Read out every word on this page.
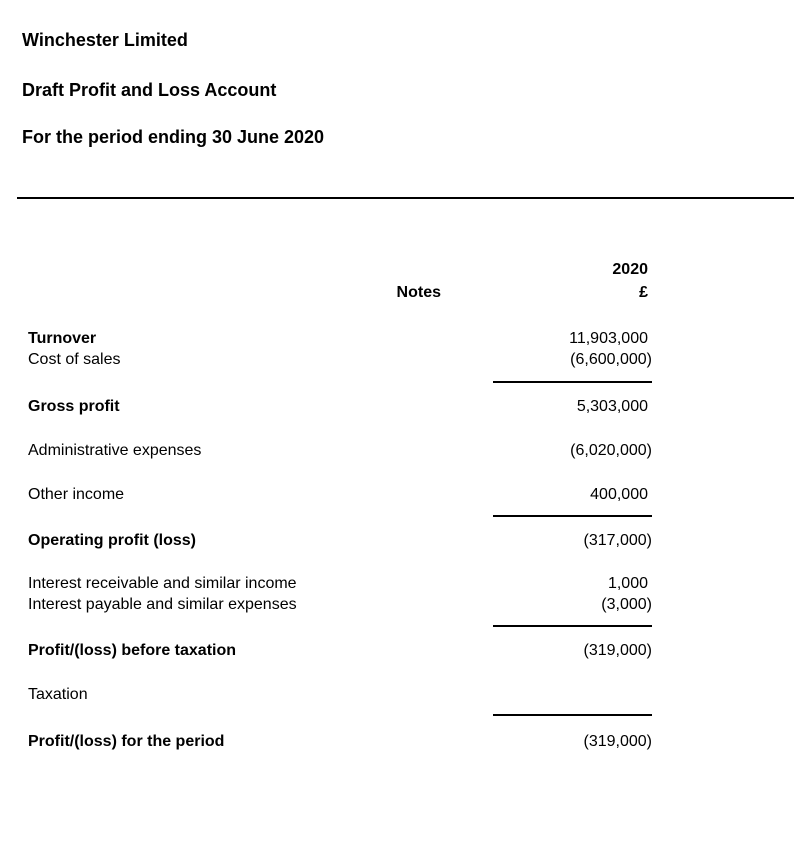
Winchester Limited
Draft Profit and Loss Account
For the period ending 30 June 2020
2020
Notes	£
Turnover	11,903,000
Cost of sales	(6,600,000)
Gross profit	5,303,000
Administrative expenses	(6,020,000)
Other income	400,000
Operating profit (loss)	(317,000)
Interest receivable and similar income	1,000
Interest payable and similar expenses	(3,000)
Profit/(loss) before taxation	(319,000)
Taxation
Profit/(loss) for the period	(319,000)
